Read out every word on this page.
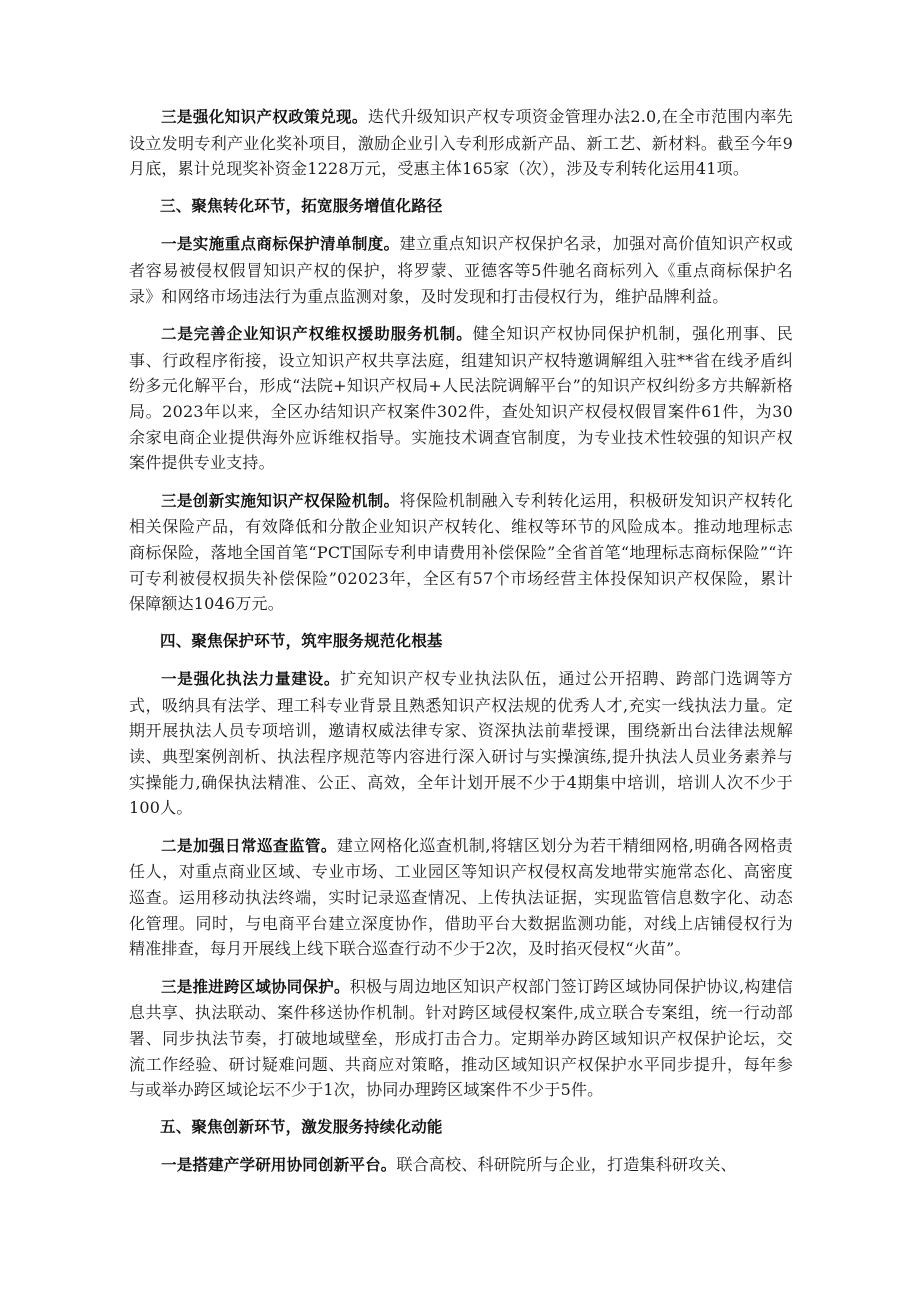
三是强化知识产权政策兑现。迭代升级知识产权专项资金管理办法2.0,在全市范围内率先设立发明专利产业化奖补项目，激励企业引入专利形成新产品、新工艺、新材料。截至今年9月底，累计兑现奖补资金1228万元，受惠主体165家（次），涉及专利转化运用41项。

三、聚焦转化环节，拓宽服务增值化路径

一是实施重点商标保护清单制度。建立重点知识产权保护名录，加强对高价值知识产权或者容易被侵权假冒知识产权的保护，将罗蒙、亚德客等5件驰名商标列入《重点商标保护名录》和网络市场违法行为重点监测对象，及时发现和打击侵权行为，维护品牌利益。

二是完善企业知识产权维权援助服务机制。健全知识产权协同保护机制，强化刑事、民事、行政程序衔接，设立知识产权共享法庭，组建知识产权特邀调解组入驻**省在线矛盾纠纷多元化解平台，形成“法院+知识产权局+人民法院调解平台”的知识产权纠纷多方共解新格局。2023年以来，全区办结知识产权案件302件，查处知识产权侵权假冒案件61件，为30余家电商企业提供海外应诉维权指导。实施技术调查官制度，为专业技术性较强的知识产权案件提供专业支持。

三是创新实施知识产权保险机制。将保险机制融入专利转化运用，积极研发知识产权转化相关保险产品，有效降低和分散企业知识产权转化、维权等环节的风险成本。推动地理标志商标保险，落地全国首笔“PCT国际专利申请费用补偿保险”全省首笔“地理标志商标保险”“许可专利被侵权损失补偿保险”02023年，全区有57个市场经营主体投保知识产权保险，累计保障额达1046万元。

四、聚焦保护环节，筑牢服务规范化根基

一是强化执法力量建设。扩充知识产权专业执法队伍，通过公开招聘、跨部门选调等方式，吸纳具有法学、理工科专业背景且熟悉知识产权法规的优秀人才,充实一线执法力量。定期开展执法人员专项培训，邀请权威法律专家、资深执法前辈授课，围绕新出台法律法规解读、典型案例剖析、执法程序规范等内容进行深入研讨与实操演练,提升执法人员业务素养与实操能力,确保执法精准、公正、高效，全年计划开展不少于4期集中培训，培训人次不少于100人。

二是加强日常巡查监管。建立网格化巡查机制,将辖区划分为若干精细网格,明确各网格责任人，对重点商业区域、专业市场、工业园区等知识产权侵权高发地带实施常态化、高密度巡查。运用移动执法终端，实时记录巡查情况、上传执法证据，实现监管信息数字化、动态化管理。同时，与电商平台建立深度协作，借助平台大数据监测功能，对线上店铺侵权行为精准排查，每月开展线上线下联合巡查行动不少于2次，及时掐灭侵权“火苗”。

三是推进跨区域协同保护。积极与周边地区知识产权部门签订跨区域协同保护协议,构建信息共享、执法联动、案件移送协作机制。针对跨区域侵权案件,成立联合专案组，统一行动部署、同步执法节奏，打破地域壁垒，形成打击合力。定期举办跨区域知识产权保护论坛，交流工作经验、研讨疑难问题、共商应对策略，推动区域知识产权保护水平同步提升，每年参与或举办跨区域论坛不少于1次，协同办理跨区域案件不少于5件。

五、聚焦创新环节，激发服务持续化动能

一是搭建产学研用协同创新平台。联合高校、科研院所与企业，打造集科研攻关、
